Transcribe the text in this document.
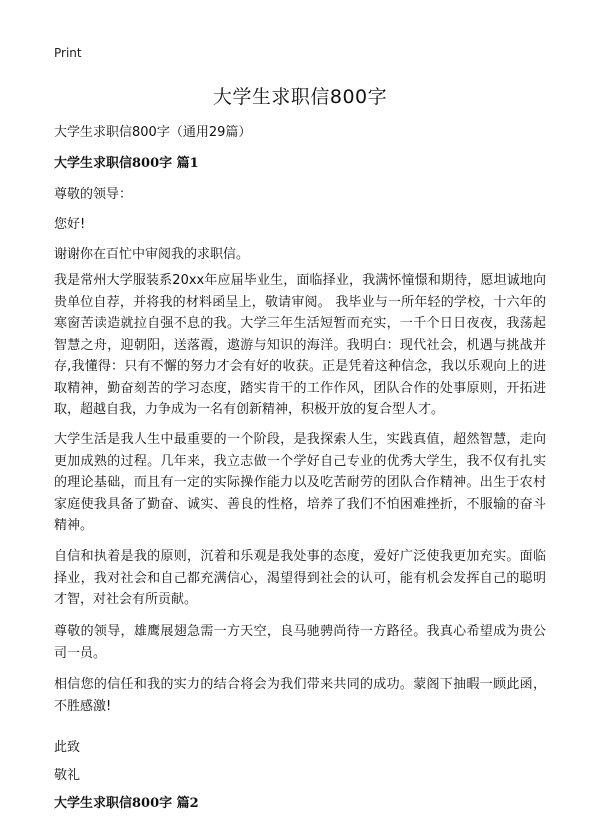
Print
大学生求职信800字

大学生求职信800字（通用29篇）

大学生求职信800字 篇1

尊敬的领导：

您好!

谢谢你在百忙中审阅我的求职信。

我是常州大学服装系20xx年应届毕业生，面临择业，我满怀憧憬和期待，愿坦诚地向贵单位自荐，并将我的材料函呈上，敬请审阅。 我毕业与一所年轻的学校，十六年的寒窗苦读造就拉自强不息的我。大学三年生活短暂而充实，一千个日日夜夜，我荡起智慧之舟，迎朝阳，送落霞，遨游与知识的海洋。我明白：现代社会，机遇与挑战并存,我懂得：只有不懈的努力才会有好的收获。正是凭着这种信念，我以乐观向上的进取精神，勤奋刻苦的学习态度，踏实肯干的工作作风，团队合作的处事原则，开拓进取，超越自我，力争成为一名有创新精神，积极开放的复合型人才。

大学生活是我人生中最重要的一个阶段，是我探索人生，实践真值，超然智慧，走向更加成熟的过程。几年来，我立志做一个学好自己专业的优秀大学生，我不仅有扎实的理论基础，而且有一定的实际操作能力以及吃苦耐劳的团队合作精神。出生于农村家庭使我具备了勤奋、诚实、善良的性格，培养了我们不怕困难挫折，不服输的奋斗精神。

自信和执着是我的原则，沉着和乐观是我处事的态度，爱好广泛使我更加充实。面临择业，我对社会和自己都充满信心，渴望得到社会的认可，能有机会发挥自己的聪明才智，对社会有所贡献。

尊敬的领导，雄鹰展翅急需一方天空，良马驰骋尚待一方路径。我真心希望成为贵公司一员。

相信您的信任和我的实力的结合将会为我们带来共同的成功。蒙阁下抽暇一顾此函，不胜感激!

此致

敬礼

大学生求职信800字 篇2
